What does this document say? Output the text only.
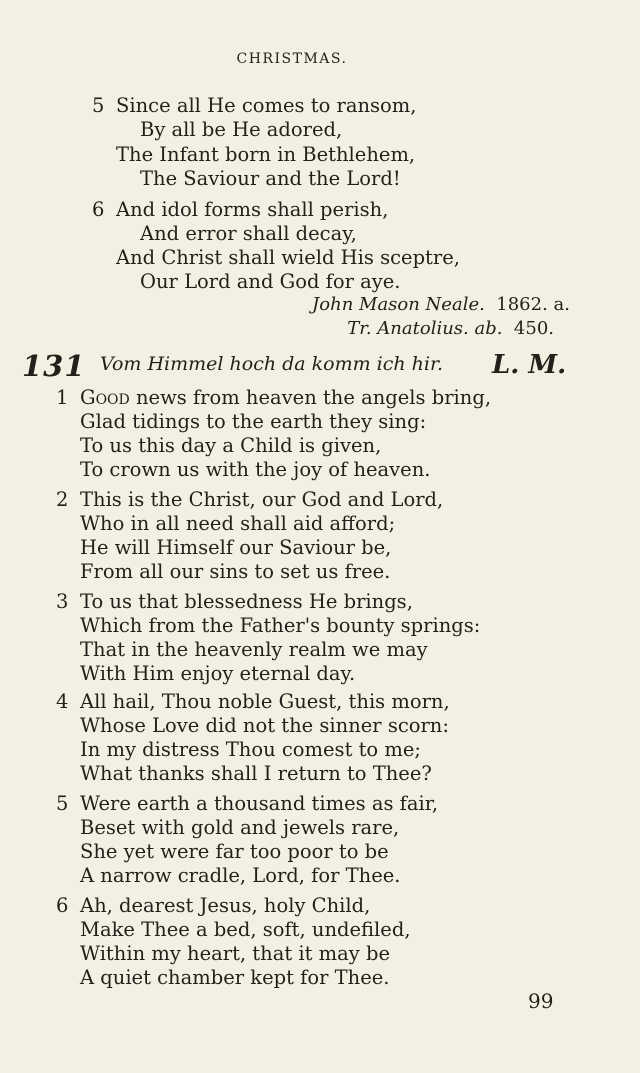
CHRISTMAS.
5 Since all He comes to ransom,
By all be He adored,
The Infant born in Bethlehem,
The Saviour and the Lord!
6 And idol forms shall perish,
And error shall decay,
And Christ shall wield His sceptre,
Our Lord and God for aye.
John Mason Neale. 1862. a.
Tr. Anatolius. ab. 450.
131 Vom Himmel hoch da komm ich hir. L. M.
1 Good news from heaven the angels bring,
Glad tidings to the earth they sing:
To us this day a Child is given,
To crown us with the joy of heaven.
2 This is the Christ, our God and Lord,
Who in all need shall aid afford;
He will Himself our Saviour be,
From all our sins to set us free.
3 To us that blessedness He brings,
Which from the Father's bounty springs:
That in the heavenly realm we may
With Him enjoy eternal day.
4 All hail, Thou noble Guest, this morn,
Whose Love did not the sinner scorn:
In my distress Thou comest to me;
What thanks shall I return to Thee?
5 Were earth a thousand times as fair,
Beset with gold and jewels rare,
She yet were far too poor to be
A narrow cradle, Lord, for Thee.
6 Ah, dearest Jesus, holy Child,
Make Thee a bed, soft, undefiled,
Within my heart, that it may be
A quiet chamber kept for Thee.
99
